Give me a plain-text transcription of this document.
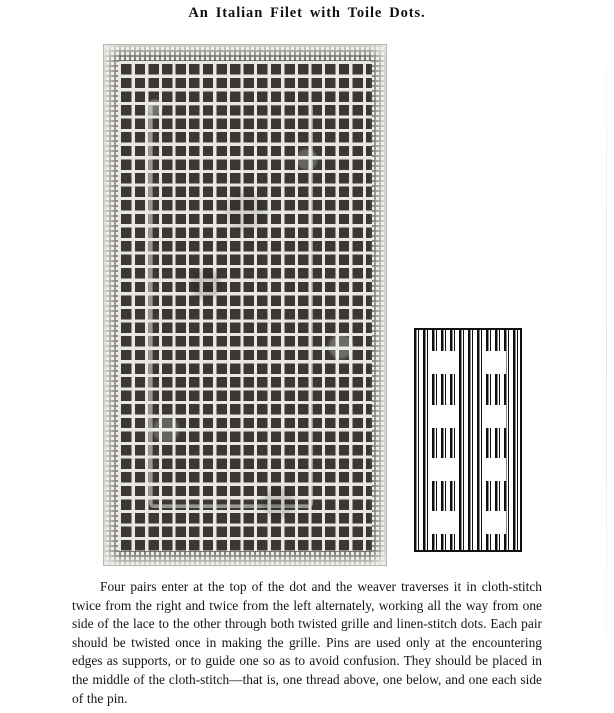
An Italian Filet with Toile Dots.
Four pairs enter at the top of the dot and the weaver traverses it in cloth-stitch twice from the right and twice from the left alternately, working all the way from one side of the lace to the other through both twisted grille and linen-stitch dots. Each pair should be twisted once in making the grille. Pins are used only at the encountering edges as supports, or to guide one so as to avoid confusion. They should be placed in the middle of the cloth-stitch—that is, one thread above, one below, and one each side of the pin.
